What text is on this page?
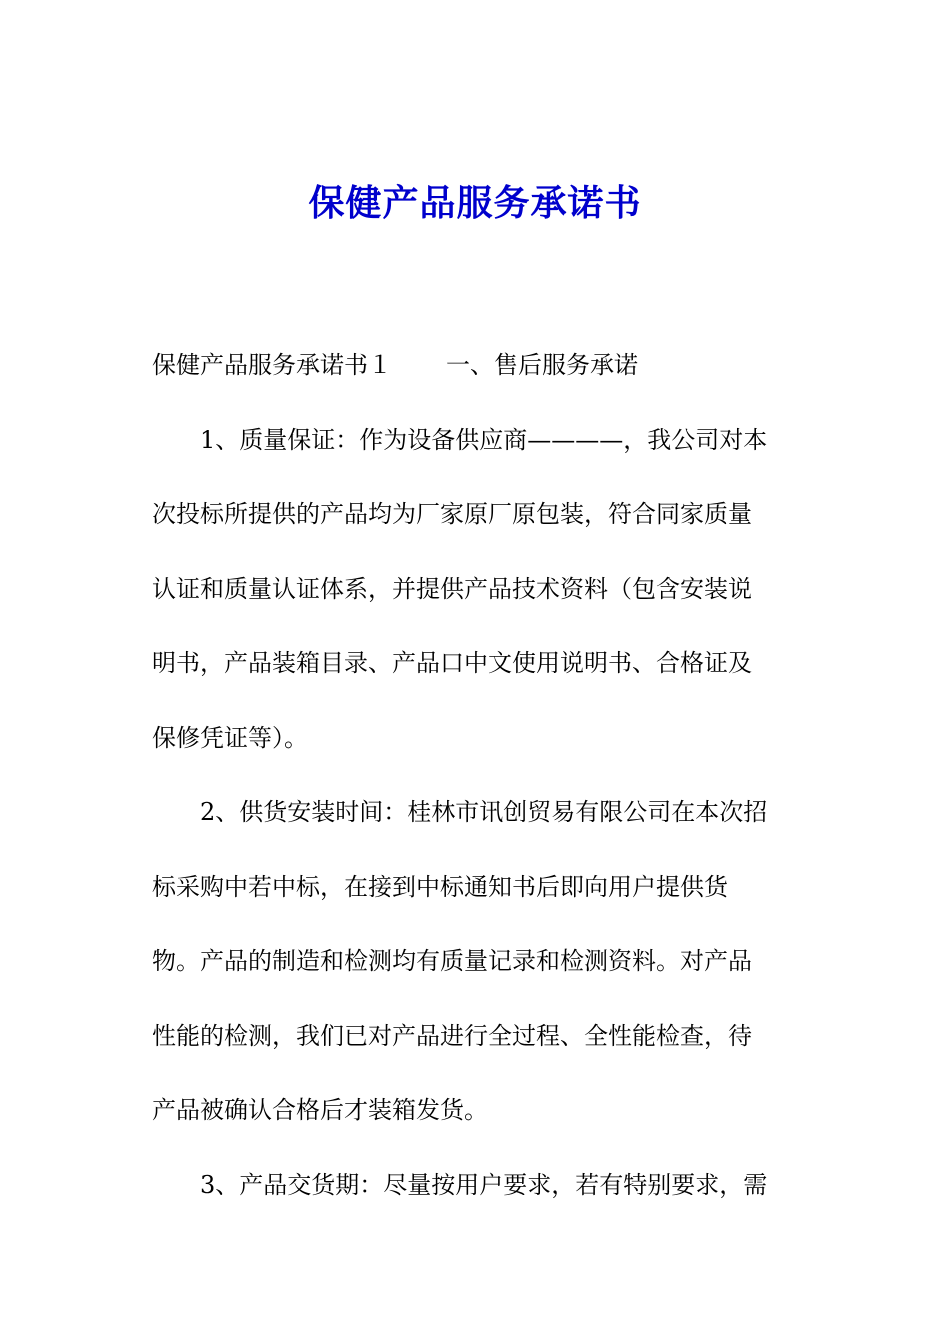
保健产品服务承诺书
保健产品服务承诺书１ 一、售后服务承诺
1、质量保证：作为设备供应商————，我公司对本
次投标所提供的产品均为厂家原厂原包装，符合同家质量
认证和质量认证体系，并提供产品技术资料（包含安装说
明书，产品装箱目录、产品口中文使用说明书、合格证及
保修凭证等）。
2、供货安装时间：桂林市讯创贸易有限公司在本次招
标采购中若中标，在接到中标通知书后即向用户提供货
物。产品的制造和检测均有质量记录和检测资料。对产品
性能的检测，我们已对产品进行全过程、全性能检查，待
产品被确认合格后才装箱发货。
3、产品交货期：尽量按用户要求，若有特别要求，需
